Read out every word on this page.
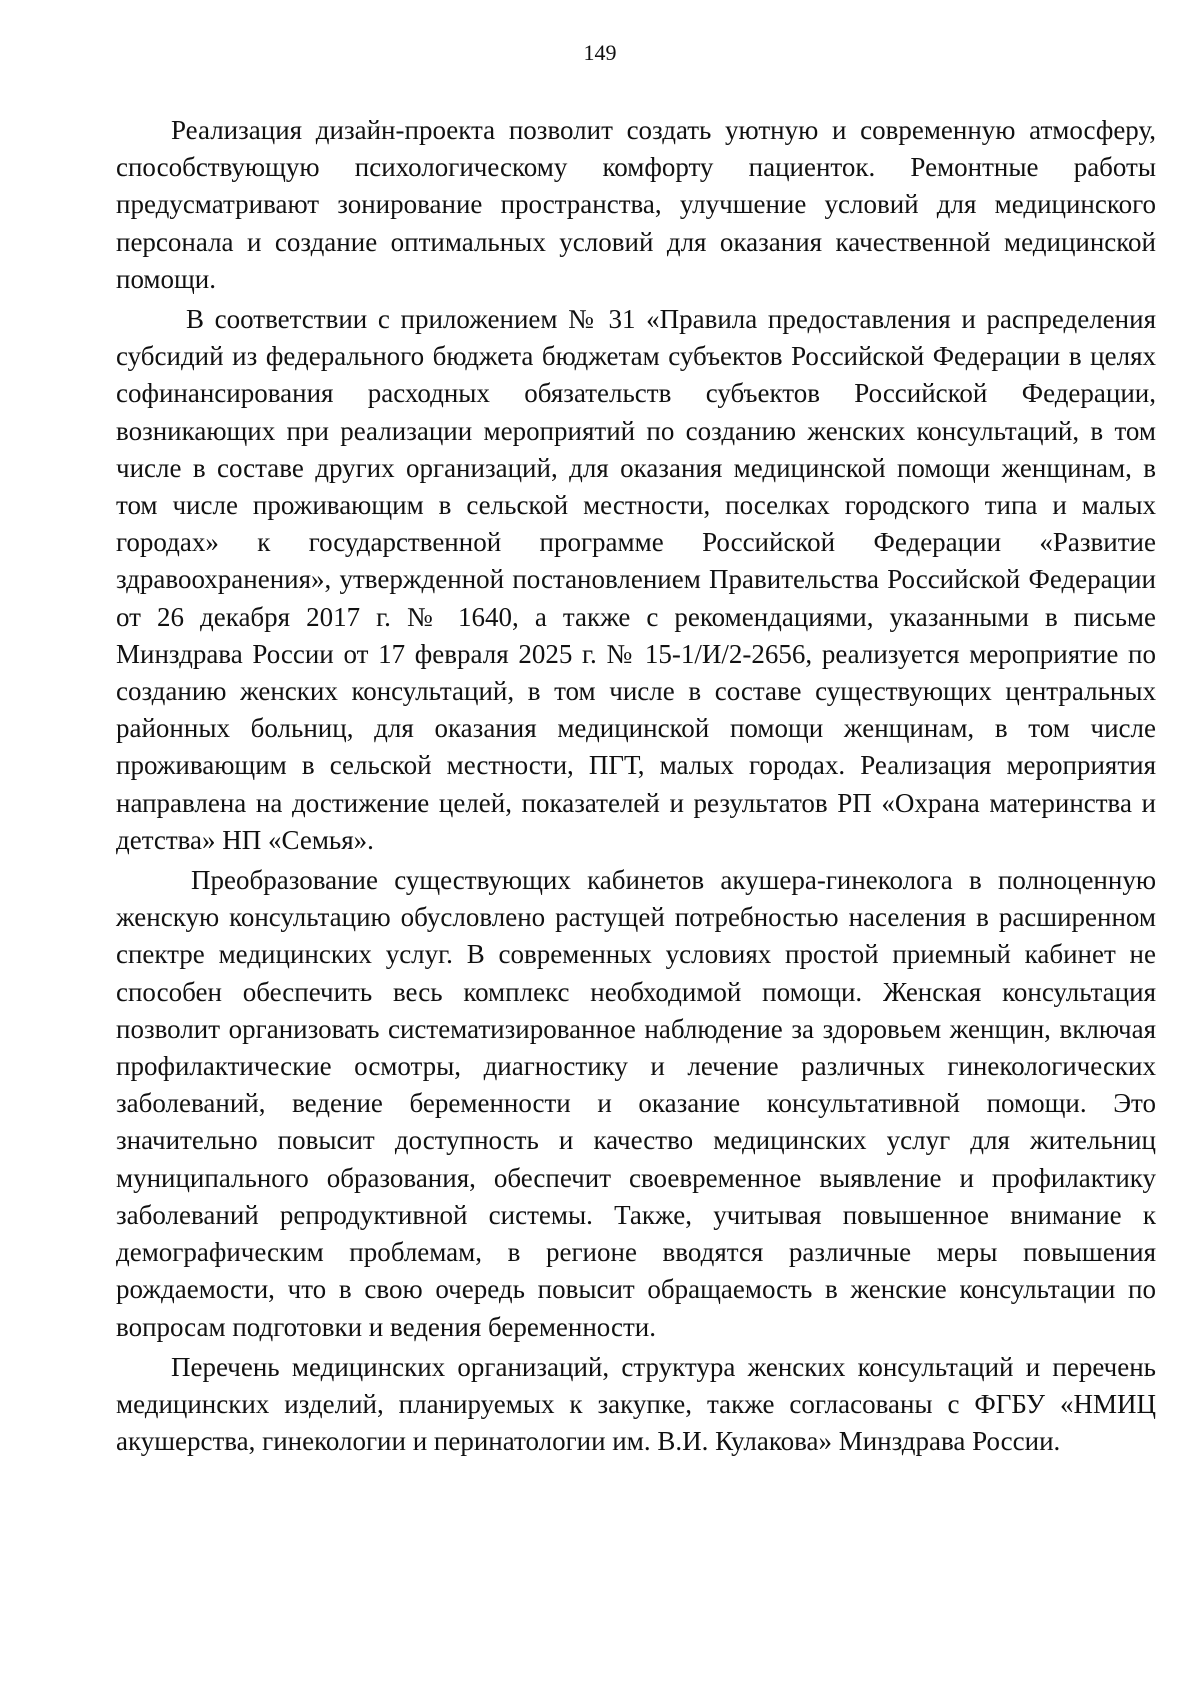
149

Реализация дизайн-проекта позволит создать уютную и современную атмосферу, способствующую психологическому комфорту пациенток. Ремонтные работы предусматривают зонирование пространства, улучшение условий для медицинского персонала и создание оптимальных условий для оказания качественной медицинской помощи.

В соответствии с приложением № 31 «Правила предоставления и распределения субсидий из федерального бюджета бюджетам субъектов Российской Федерации в целях софинансирования расходных обязательств субъектов Российской Федерации, возникающих при реализации мероприятий по созданию женских консультаций, в том числе в составе других организаций, для оказания медицинской помощи женщинам, в том числе проживающим в сельской местности, поселках городского типа и малых городах» к государственной программе Российской Федерации «Развитие здравоохранения», утвержденной постановлением Правительства Российской Федерации от 26 декабря 2017 г. № 1640, а также с рекомендациями, указанными в письме Минздрава России от 17 февраля 2025 г. № 15-1/И/2-2656, реализуется мероприятие по созданию женских консультаций, в том числе в составе существующих центральных районных больниц, для оказания медицинской помощи женщинам, в том числе проживающим в сельской местности, ПГТ, малых городах. Реализация мероприятия направлена на достижение целей, показателей и результатов РП «Охрана материнства и детства» НП «Семья».

Преобразование существующих кабинетов акушера-гинеколога в полноценную женскую консультацию обусловлено растущей потребностью населения в расширенном спектре медицинских услуг. В современных условиях простой приемный кабинет не способен обеспечить весь комплекс необходимой помощи. Женская консультация позволит организовать систематизированное наблюдение за здоровьем женщин, включая профилактические осмотры, диагностику и лечение различных гинекологических заболеваний, ведение беременности и оказание консультативной помощи. Это значительно повысит доступность и качество медицинских услуг для жительниц муниципального образования, обеспечит своевременное выявление и профилактику заболеваний репродуктивной системы. Также, учитывая повышенное внимание к демографическим проблемам, в регионе вводятся различные меры повышения рождаемости, что в свою очередь повысит обращаемость в женские консультации по вопросам подготовки и ведения беременности.

Перечень медицинских организаций, структура женских консультаций и перечень медицинских изделий, планируемых к закупке, также согласованы с ФГБУ «НМИЦ акушерства, гинекологии и перинатологии им. В.И. Кулакова» Минздрава России.
